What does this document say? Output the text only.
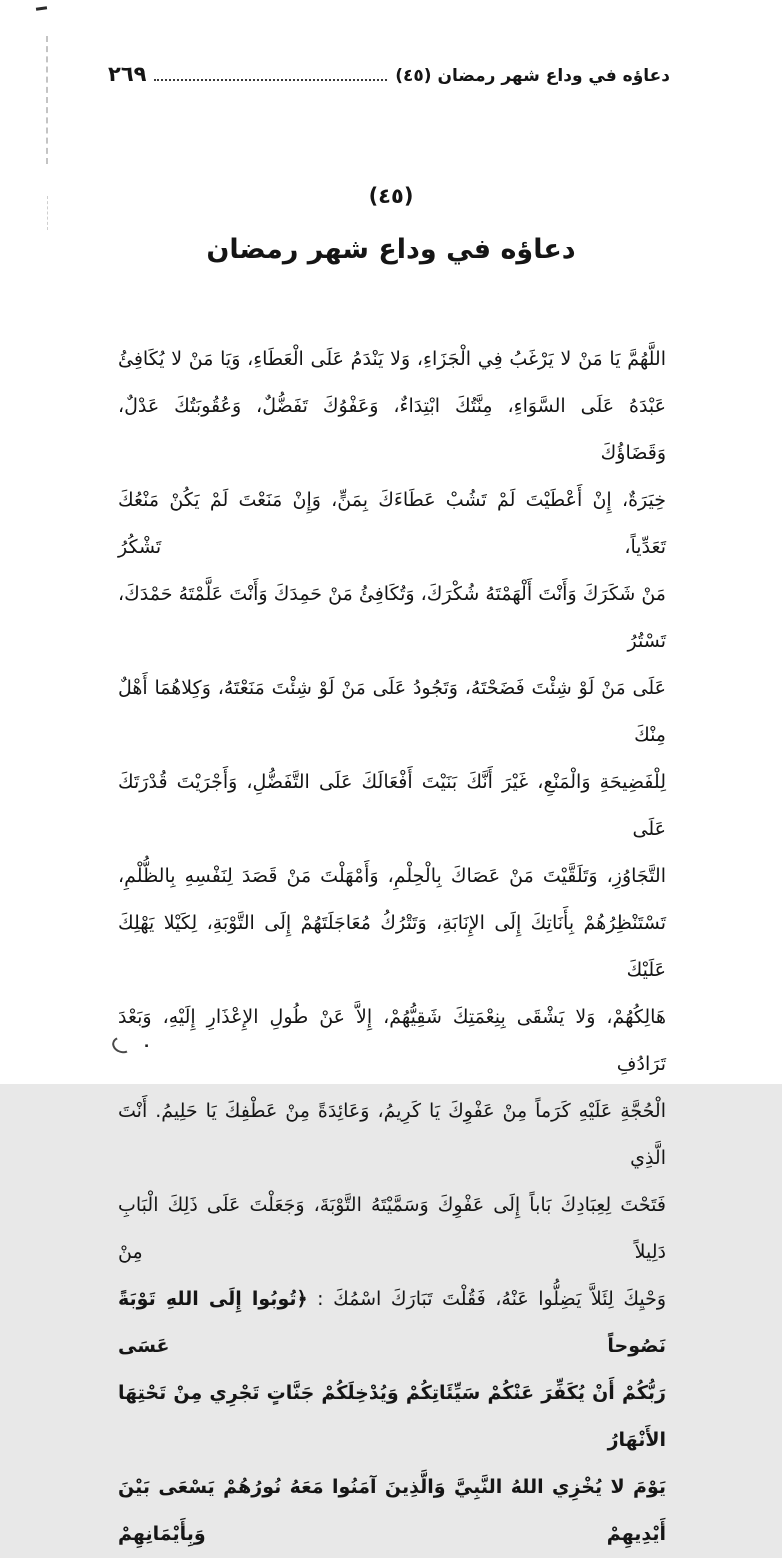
دعاؤه في وداع شهر رمضان (٤٥)
٢٦٩
(٤٥)
دعاؤه في وداع شهر رمضان
اللَّهُمَّ يَا مَنْ لا يَرْغَبُ فِي الْجَزَاءِ، وَلا يَنْدَمُ عَلَى الْعَطَاءِ، وَيَا مَنْ لا يُكَافِئُ
عَبْدَهُ عَلَى السَّوَاءِ، مِنَّتُكَ ابْتِدَاءٌ، وَعَفْوُكَ تَفَضُّلٌ، وَعُقُوبَتُكَ عَدْلٌ، وَقَضَاؤُكَ
خِيَرَةٌ، إِنْ أَعْطَيْتَ لَمْ تَشُبْ عَطَاءَكَ بِمَنٍّ، وَإِنْ مَنَعْتَ لَمْ يَكُنْ مَنْعُكَ تَعَدِّياً، تَشْكُرُ
مَنْ شَكَرَكَ وَأَنْتَ أَلْهَمْتَهُ شُكْرَكَ، وَتُكَافِئُ مَنْ حَمِدَكَ وَأَنْتَ عَلَّمْتَهُ حَمْدَكَ، تَسْتُرُ
عَلَى مَنْ لَوْ شِئْتَ فَضَحْتَهُ، وَتَجُودُ عَلَى مَنْ لَوْ شِئْتَ مَنَعْتَهُ، وَكِلاهُمَا أَهْلٌ مِنْكَ
لِلْفَضِيحَةِ وَالْمَنْعِ، غَيْرَ أَنَّكَ بَنَيْتَ أَفْعَالَكَ عَلَى التَّفَضُّلِ، وَأَجْرَيْتَ قُدْرَتَكَ عَلَى
التَّجَاوُزِ، وَتَلَقَّيْتَ مَنْ عَصَاكَ بِالْحِلْمِ، وَأَمْهَلْتَ مَنْ قَصَدَ لِنَفْسِهِ بِالظُّلْمِ،
تَسْتَنْظِرُهُمْ بِأَنَاتِكَ إِلَى الإِنَابَةِ، وَتَتْرُكُ مُعَاجَلَتَهُمْ إِلَى التَّوْبَةِ، لِكَيْلا يَهْلِكَ عَلَيْكَ
هَالِكُهُمْ، وَلا يَشْقَى بِنِعْمَتِكَ شَقِيُّهُمْ، إِلاَّ عَنْ طُولِ الإِعْذَارِ إِلَيْهِ، وَبَعْدَ تَرَادُفِ
الْحُجَّةِ عَلَيْهِ كَرَماً مِنْ عَفْوِكَ يَا كَرِيمُ، وَعَائِدَةً مِنْ عَطْفِكَ يَا حَلِيمُ. أَنْتَ الَّذِي
فَتَحْتَ لِعِبَادِكَ بَاباً إِلَى عَفْوِكَ وَسَمَّيْتَهُ التَّوْبَةَ، وَجَعَلْتَ عَلَى ذَلِكَ الْبَابِ دَلِيلاً مِنْ
وَحْيِكَ لِئَلاَّ يَضِلُّوا عَنْهُ، فَقُلْتَ تَبَارَكَ اسْمُكَ : ﴿تُوبُوا إِلَى اللهِ تَوْبَةً نَصُوحاً عَسَى
رَبُّكُمْ أَنْ يُكَفِّرَ عَنْكُمْ سَيِّئَاتِكُمْ وَيُدْخِلَكُمْ جَنَّاتٍ تَجْرِي مِنْ تَحْتِهَا الأَنْهَارُ
يَوْمَ لا يُخْزِي اللهُ النَّبِيَّ وَالَّذِينَ آمَنُوا مَعَهُ نُورُهُمْ يَسْعَى بَيْنَ أَيْدِيهِمْ وَبِأَيْمَانِهِمْ
٠
